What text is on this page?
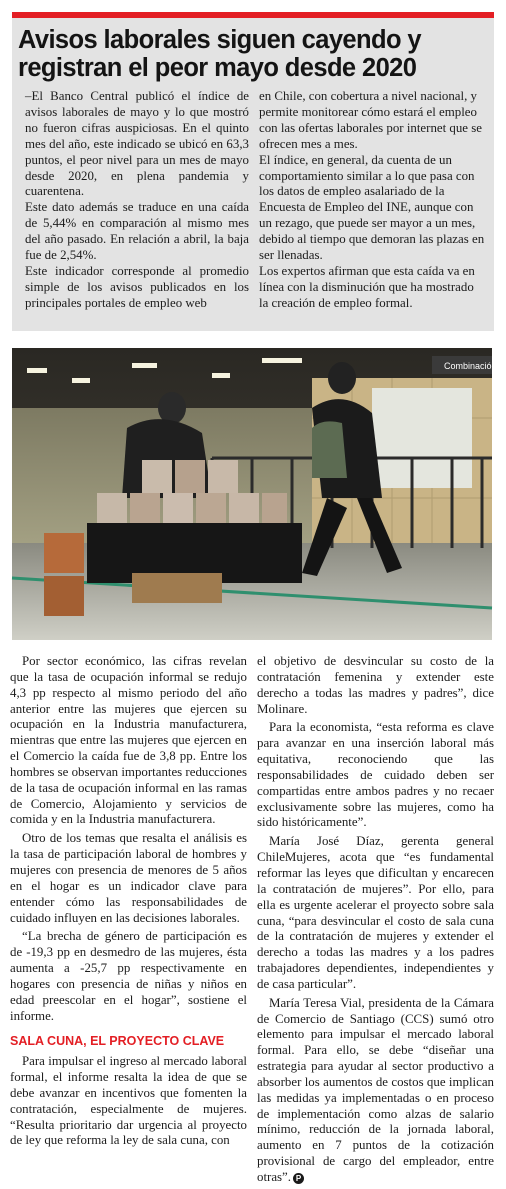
Avisos laborales siguen cayendo y registran el peor mayo desde 2020

–El Banco Central publicó el índice de avisos laborales de mayo y lo que mostró no fueron cifras auspiciosas. En el quinto mes del año, este indicado se ubicó en 63,3 puntos, el peor nivel para un mes de mayo desde 2020, en plena pandemia y cuarentena.

Este dato además se traduce en una caída de 5,44% en comparación al mismo mes del año pasado. En relación a abril, la baja fue de 2,54%.

Este indicador corresponde al promedio simple de los avisos publicados en los principales portales de empleo web

en Chile, con cobertura a nivel nacional, y permite monitorear cómo estará el empleo con las ofertas laborales por internet que se ofrecen mes a mes.

El índice, en general, da cuenta de un comportamiento similar a lo que pasa con los datos de empleo asalariado de la Encuesta de Empleo del INE, aunque con un rezago, que puede ser mayor a un mes, debido al tiempo que demoran las plazas en ser llenadas.

Los expertos afirman que esta caída va en línea con la disminución que ha mostrado la creación de empleo formal.

Combinación

Por sector económico, las cifras revelan que la tasa de ocupación informal se redujo 4,3 pp respecto al mismo periodo del año anterior entre las mujeres que ejercen su ocupación en la Industria manufacturera, mientras que entre las mujeres que ejercen en el Comercio la caída fue de 3,8 pp. Entre los hombres se observan importantes reducciones de la tasa de ocupación informal en las ramas de Comercio, Alojamiento y servicios de comida y en la Industria manufacturera.

Otro de los temas que resalta el análisis es la tasa de participación laboral de hombres y mujeres con presencia de menores de 5 años en el hogar es un indicador clave para entender cómo las responsabilidades de cuidado influyen en las decisiones laborales.

“La brecha de género de participación es de -19,3 pp en desmedro de las mujeres, ésta aumenta a -25,7 pp respectivamente en hogares con presencia de niñas y niños en edad preescolar en el hogar”, sostiene el informe.

SALA CUNA, EL PROYECTO CLAVE

Para impulsar el ingreso al mercado laboral formal, el informe resalta la idea de que se debe avanzar en incentivos que fomenten la contratación, especialmente de mujeres. “Resulta prioritario dar urgencia al proyecto de ley que reforma la ley de sala cuna, con

el objetivo de desvincular su costo de la contratación femenina y extender este derecho a todas las madres y padres”, dice Molinare.

Para la economista, “esta reforma es clave para avanzar en una inserción laboral más equitativa, reconociendo que las responsabilidades de cuidado deben ser compartidas entre ambos padres y no recaer exclusivamente sobre las mujeres, como ha sido históricamente”.

María José Díaz, gerenta general ChileMujeres, acota que “es fundamental reformar las leyes que dificultan y encarecen la contratación de mujeres”. Por ello, para ella es urgente acelerar el proyecto sobre sala cuna, “para desvincular el costo de sala cuna de la contratación de mujeres y extender el derecho a todas las madres y a los padres trabajadores dependientes, independientes y de casa particular”.

María Teresa Vial, presidenta de la Cámara de Comercio de Santiago (CCS) sumó otro elemento para impulsar el mercado laboral formal. Para ello, se debe “diseñar una estrategia para ayudar al sector productivo a absorber los aumentos de costos que implican las medidas ya implementadas o en proceso de implementación como alzas de salario mínimo, reducción de la jornada laboral, aumento en 7 puntos de la cotización provisional de cargo del empleador, entre otras”. P
